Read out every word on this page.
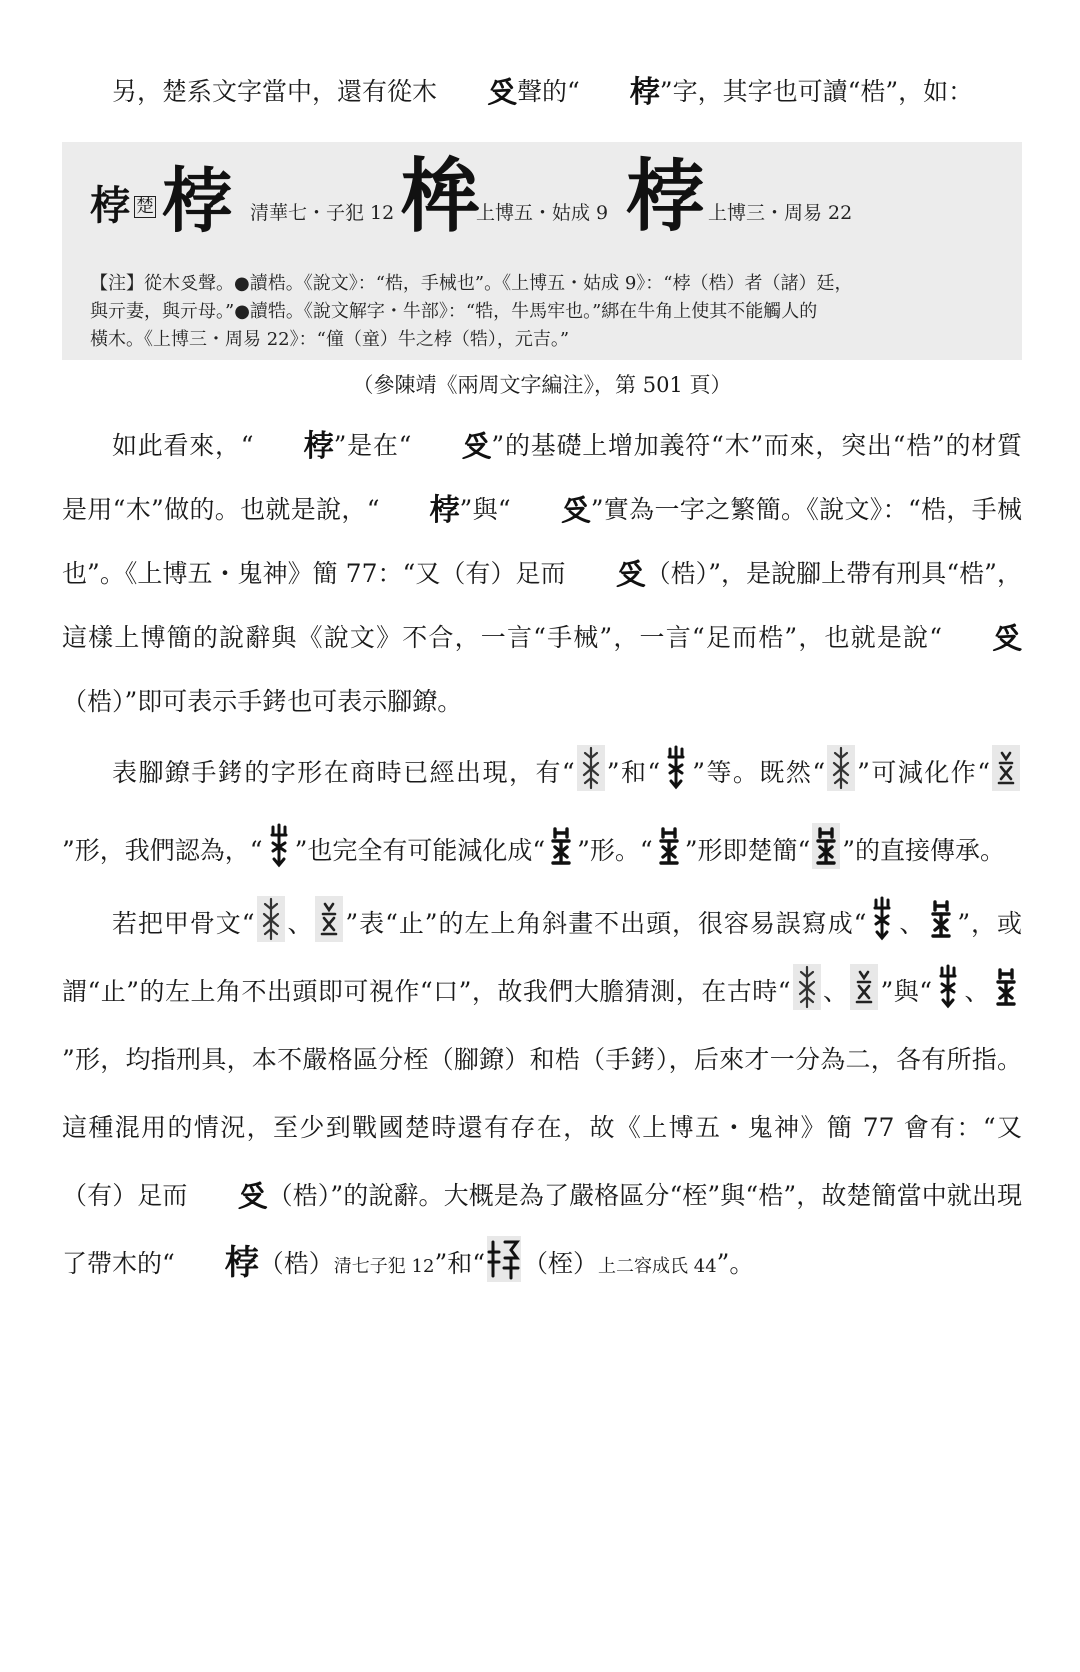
另，楚系文字當中，還有從木 𠬪聲的“ 桲”字，其字也可讀“梏”，如：

桲 楚 桲 清華七・子犯 12 桙
上博五・姑成 9 桲 上博三・周易 22

【注】從木𠬪聲。●讀梏。《說文》：“梏，手械也”。《上博五・姑成 9》：“桲（梏）者（諸）廷，

與亓妻，與亓母。”●讀牿。《說文解字・牛部》：“牿，牛馬牢也。”綁在牛角上使其不能觸人的

橫木。《上博三・周易 22》：“僮（童）牛之桲（牿），元吉。”

（參陳靖《兩周文字編注》，第 501 頁）

如此看來，“ 桲”是在“ 𠬪”的基礎上增加義符“木”而來，突出“梏”的材質是用“木”做的。也就是說，“ 桲”與“ 𠬪”實為一字之繁簡。《說文》：“梏，手械也”。《上博五・鬼神》簡 77：“又（有）足而 𠬪（梏）”，是說腳上帶有刑具“梏”，這樣上博簡的說辭與《說文》不合，一言“手械”，一言“足而梏”，也就是說“ 𠬪（梏）”即可表示手銬也可表示腳鐐。

表腳鐐手銬的字形在商時已經出現，有“ ”和“ ”等。既然“ ”可減化作“
”形，我們認為，“ ”也完全有可能減化成“ ”形。“ ”形即楚簡“ ”的直接傳承。

若把甲骨文“ 、 ”表“止”的左上角斜畫不出頭，很容易誤寫成“ 、 ”，或謂“止”的左上角不出頭即可視作“口”，故我們大膽猜測，在古時“ 、 ”與“ 、
”形，均指刑具，本不嚴格區分桎（腳鐐）和梏（手銬），后來才一分為二，各有所指。這種混用的情況，至少到戰國楚時還有存在，故《上博五・鬼神》簡 77 會有：“又（有）足而 𠬪（梏）”的說辭。大概是為了嚴格區分“桎”與“梏”，故楚簡當中就出現了帶木的“ 桲（梏）清七子犯 12”和“ （桎）上二容成氏 44”。
